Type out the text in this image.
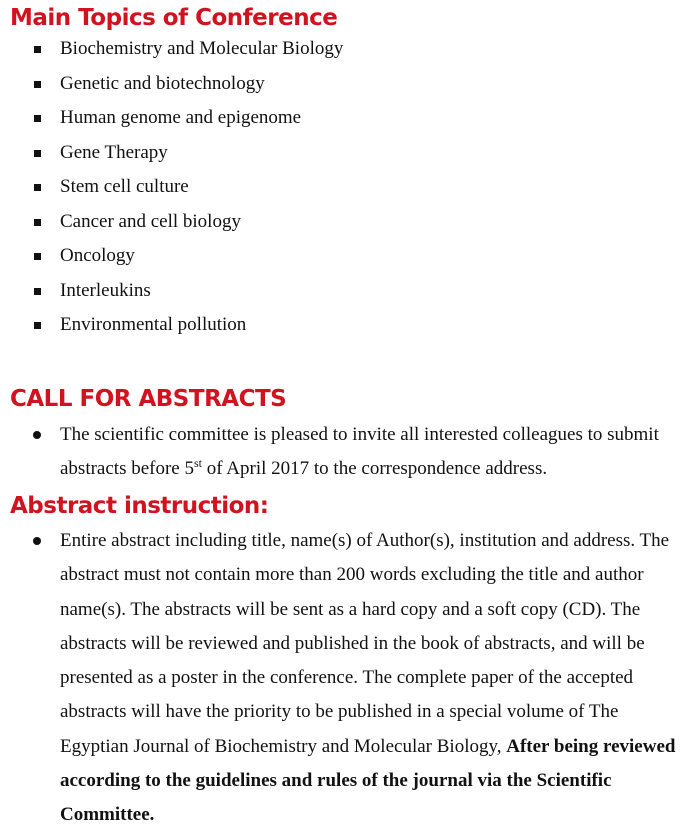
Main Topics of Conference
Biochemistry and Molecular Biology
Genetic and biotechnology
Human genome and epigenome
Gene Therapy
Stem cell culture
Cancer and cell biology
Oncology
Interleukins
Environmental pollution
CALL FOR ABSTRACTS

The scientific committee is pleased to invite all interested colleagues to submit abstracts before 5st of April 2017 to the correspondence address.

Abstract instruction:

Entire abstract including title, name(s) of Author(s), institution and address. The abstract must not contain more than 200 words excluding the title and author name(s). The abstracts will be sent as a hard copy and a soft copy (CD). The abstracts will be reviewed and published in the book of abstracts, and will be presented as a poster in the conference. The complete paper of the accepted abstracts will have the priority to be published in a special volume of The Egyptian Journal of Biochemistry and Molecular Biology, After being reviewed according to the guidelines and rules of the journal via the Scientific Committee.
